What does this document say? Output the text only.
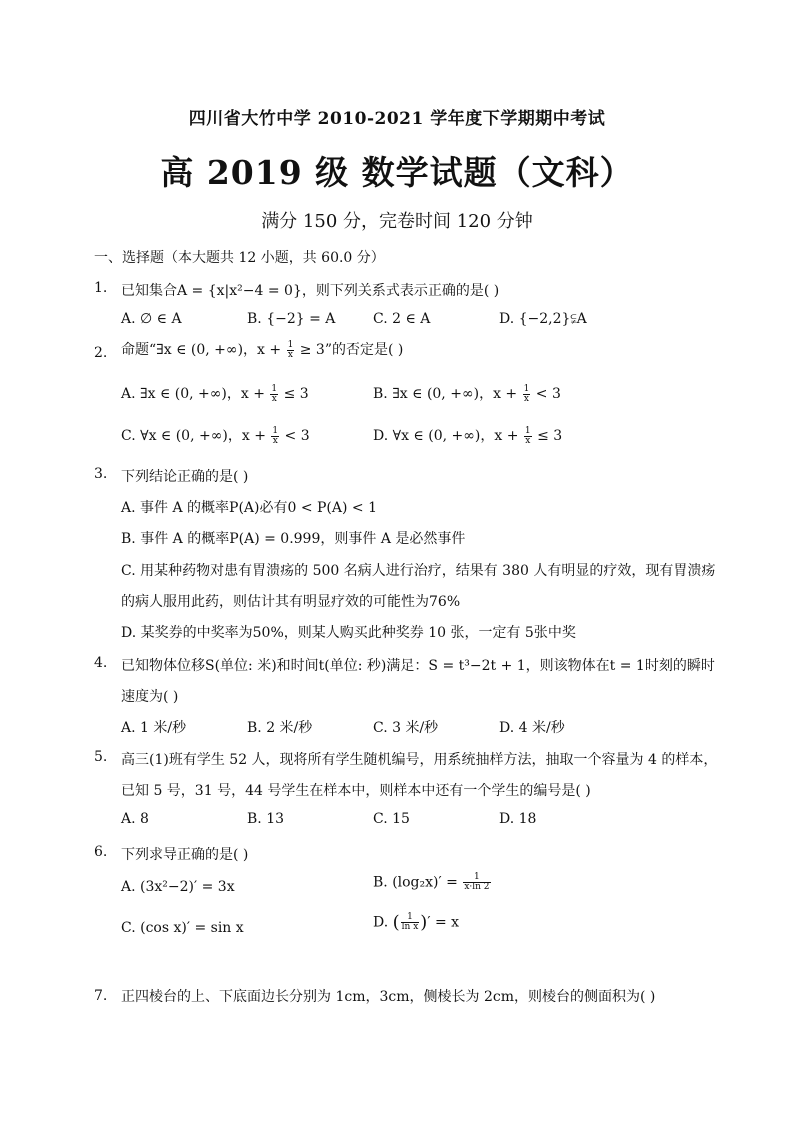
四川省大竹中学 2010-2021 学年度下学期期中考试
高 2019 级 数学试题（文科）
满分 150 分，完卷时间 120 分钟
一、选择题（本大题共 12 小题，共 60.0 分）
1. 已知集合A = {x|x²−4 = 0}，则下列关系式表示正确的是( )
A. ∅ ∈ A	B. {−2} = A	C. 2 ∈ A	D. {−2,2}⫋A
2. 命题“∃x ∈ (0, +∞)，$x + \frac{1}{x} \ge 3$”的否定是( )
A. ∃x ∈ (0, +∞)，$x + \frac{1}{x} \le 3$	B. ∃x ∈ (0, +∞)，$x + \frac{1}{x} < 3$
C. ∀x ∈ (0, +∞)，$x + \frac{1}{x} < 3$	D. ∀x ∈ (0, +∞)，$x + \frac{1}{x} \le 3$
3. 下列结论正确的是( )
A. 事件 A 的概率P(A)必有0 < P(A) < 1
B. 事件 A 的概率P(A) = 0.999，则事件 A 是必然事件
C. 用某种药物对患有胃溃疡的 500 名病人进行治疗，结果有 380 人有明显的疗效，现有胃溃疡
的病人服用此药，则估计其有明显疗效的可能性为76%
D. 某奖券的中奖率为50%，则某人购买此种奖券 10 张，一定有 5张中奖
4. 已知物体位移S(单位: 米)和时间t(单位: 秒)满足：S = t³−2t + 1，则该物体在t = 1时刻的瞬时
速度为( )
A. 1 米/秒	B. 2 米/秒	C. 3 米/秒	D. 4 米/秒
5. 高三(1)班有学生 52 人，现将所有学生随机编号，用系统抽样方法，抽取一个容量为 4 的样本，
已知 5 号，31 号，44 号学生在样本中，则样本中还有一个学生的编号是( )
A. 8	B. 13	C. 15	D. 18
6. 下列求导正确的是( )
A. (3x²−2)′ = 3x	B. $(\log_2x)' = \frac{1}{x\cdot\ln 2}$
C. (cos x)′ = sin x	D. ( $\frac{1}{\text{ln x}}$ )′ = x
7. 正四棱台的上、下底面边长分别为 1cm，3cm，侧棱长为 2cm，则棱台的侧面积为( )
